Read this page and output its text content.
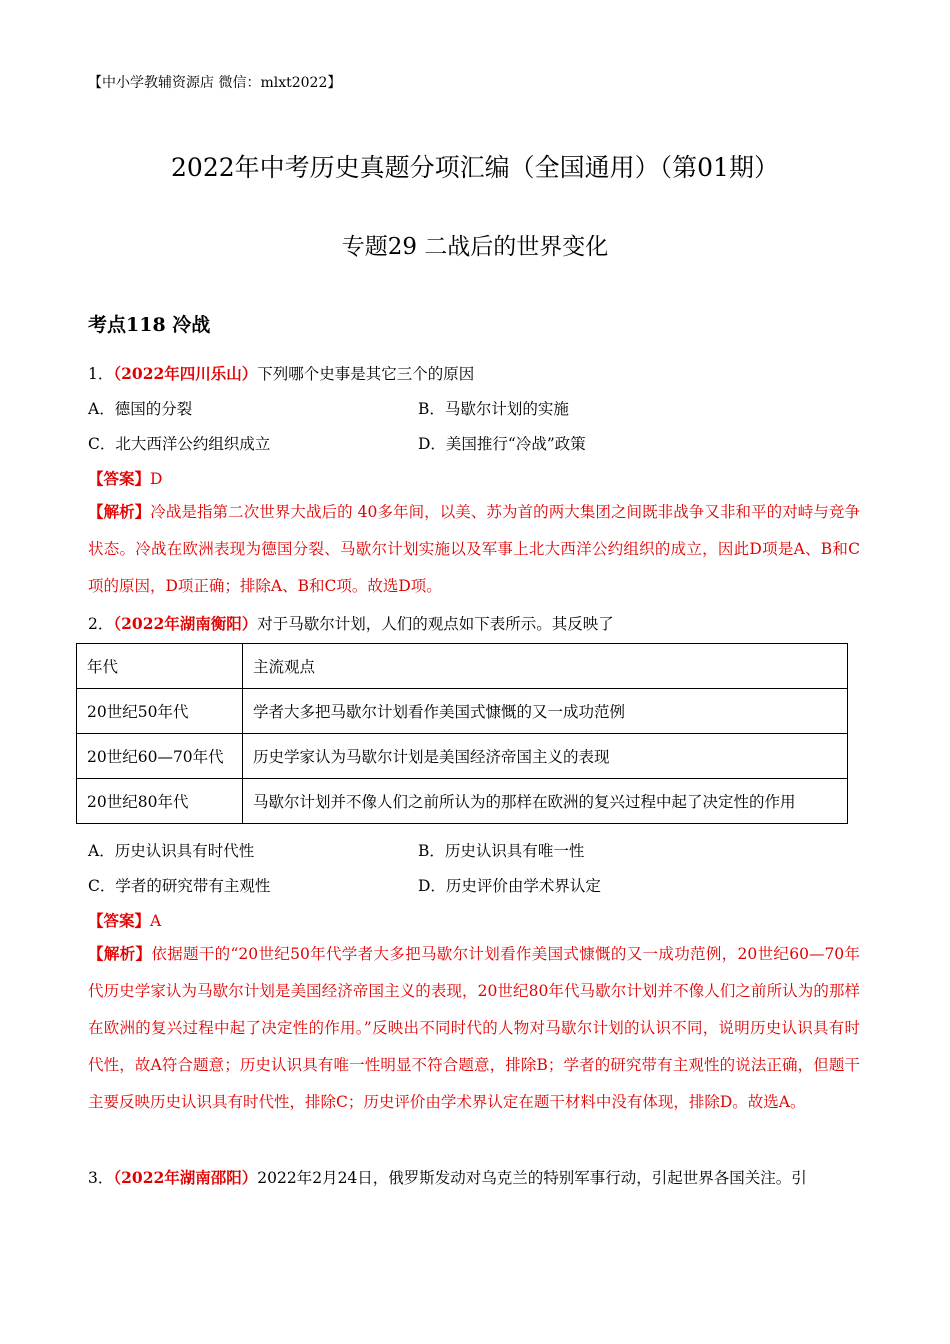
【中小学教辅资源店 微信：mlxt2022】
2022年中考历史真题分项汇编（全国通用）（第01期）
专题29 二战后的世界变化
考点118 冷战
1．（2022年四川乐山）下列哪个史事是其它三个的原因
A．德国的分裂	B．马歇尔计划的实施
C．北大西洋公约组织成立	D．美国推行“冷战”政策
【答案】D
【解析】冷战是指第二次世界大战后的 40多年间，以美、苏为首的两大集团之间既非战争又非和平的对峙与竞争状态。冷战在欧洲表现为德国分裂、马歇尔计划实施以及军事上北大西洋公约组织的成立，因此D项是A、B和C项的原因，D项正确；排除A、B和C项。故选D项。
2．（2022年湖南衡阳）对于马歇尔计划，人们的观点如下表所示。其反映了
年代	主流观点
20世纪50年代	学者大多把马歇尔计划看作美国式慷慨的又一成功范例
20世纪60—70年代	历史学家认为马歇尔计划是美国经济帝国主义的表现
20世纪80年代	马歇尔计划并不像人们之前所认为的那样在欧洲的复兴过程中起了决定性的作用
A．历史认识具有时代性	B．历史认识具有唯一性
C．学者的研究带有主观性	D．历史评价由学术界认定
【答案】A
【解析】依据题干的“20世纪50年代学者大多把马歇尔计划看作美国式慷慨的又一成功范例，20世纪60—70年代历史学家认为马歇尔计划是美国经济帝国主义的表现，20世纪80年代马歇尔计划并不像人们之前所认为的那样在欧洲的复兴过程中起了决定性的作用。”反映出不同时代的人物对马歇尔计划的认识不同，说明历史认识具有时代性，故A符合题意；历史认识具有唯一性明显不符合题意，排除B；学者的研究带有主观性的说法正确，但题干主要反映历史认识具有时代性，排除C；历史评价由学术界认定在题干材料中没有体现，排除D。故选A。
3．（2022年湖南邵阳）2022年2月24日，俄罗斯发动对乌克兰的特别军事行动，引起世界各国关注。引
